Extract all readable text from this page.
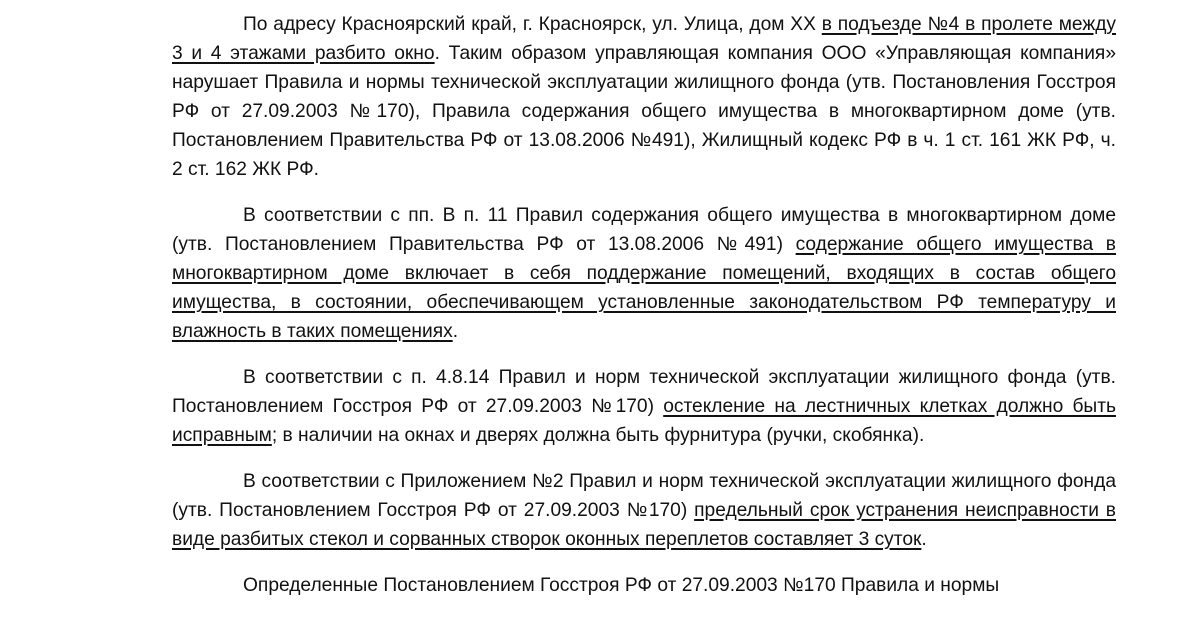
По адресу Красноярский край, г. Красноярск, ул. Улица, дом ХХ в подъезде №4 в пролете между 3 и 4 этажами разбито окно. Таким образом управляющая компания ООО «Управляющая компания» нарушает Правила и нормы технической эксплуатации жилищного фонда (утв. Постановления Госстроя РФ от 27.09.2003 №170), Правила содержания общего имущества в многоквартирном доме (утв. Постановлением Правительства РФ от 13.08.2006 №491), Жилищный кодекс РФ в ч. 1 ст. 161 ЖК РФ, ч. 2 ст. 162 ЖК РФ.

В соответствии с пп. В п. 11 Правил содержания общего имущества в многоквартирном доме (утв. Постановлением Правительства РФ от 13.08.2006 №491) содержание общего имущества в многоквартирном доме включает в себя поддержание помещений, входящих в состав общего имущества, в состоянии, обеспечивающем установленные законодательством РФ температуру и влажность в таких помещениях.

В соответствии с п. 4.8.14 Правил и норм технической эксплуатации жилищного фонда (утв. Постановлением Госстроя РФ от 27.09.2003 №170) остекление на лестничных клетках должно быть исправным; в наличии на окнах и дверях должна быть фурнитура (ручки, скобянка).

В соответствии с Приложением №2 Правил и норм технической эксплуатации жилищного фонда (утв. Постановлением Госстроя РФ от 27.09.2003 №170) предельный срок устранения неисправности в виде разбитых стекол и сорванных створок оконных переплетов составляет 3 суток.

Определенные Постановлением Госстроя РФ от 27.09.2003 №170 Правила и нормы
